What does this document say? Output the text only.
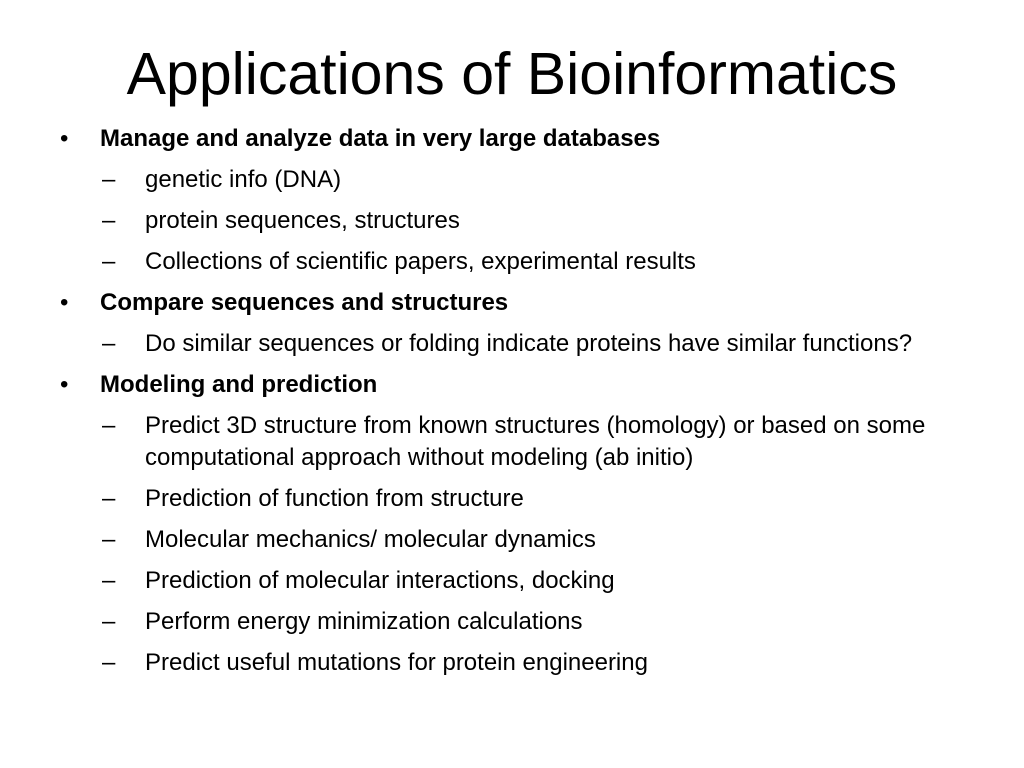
Applications of Bioinformatics
• Manage and analyze data in very large databases
– genetic info (DNA)
– protein sequences, structures
– Collections of scientific papers, experimental results
• Compare sequences and structures
– Do similar sequences or folding indicate proteins have similar functions?
• Modeling and prediction
– Predict 3D structure from known structures (homology) or based on some computational approach without modeling (ab initio)
– Prediction of function from structure
– Molecular mechanics/ molecular dynamics
– Prediction of molecular interactions, docking
– Perform energy minimization calculations
– Predict useful mutations for protein engineering
